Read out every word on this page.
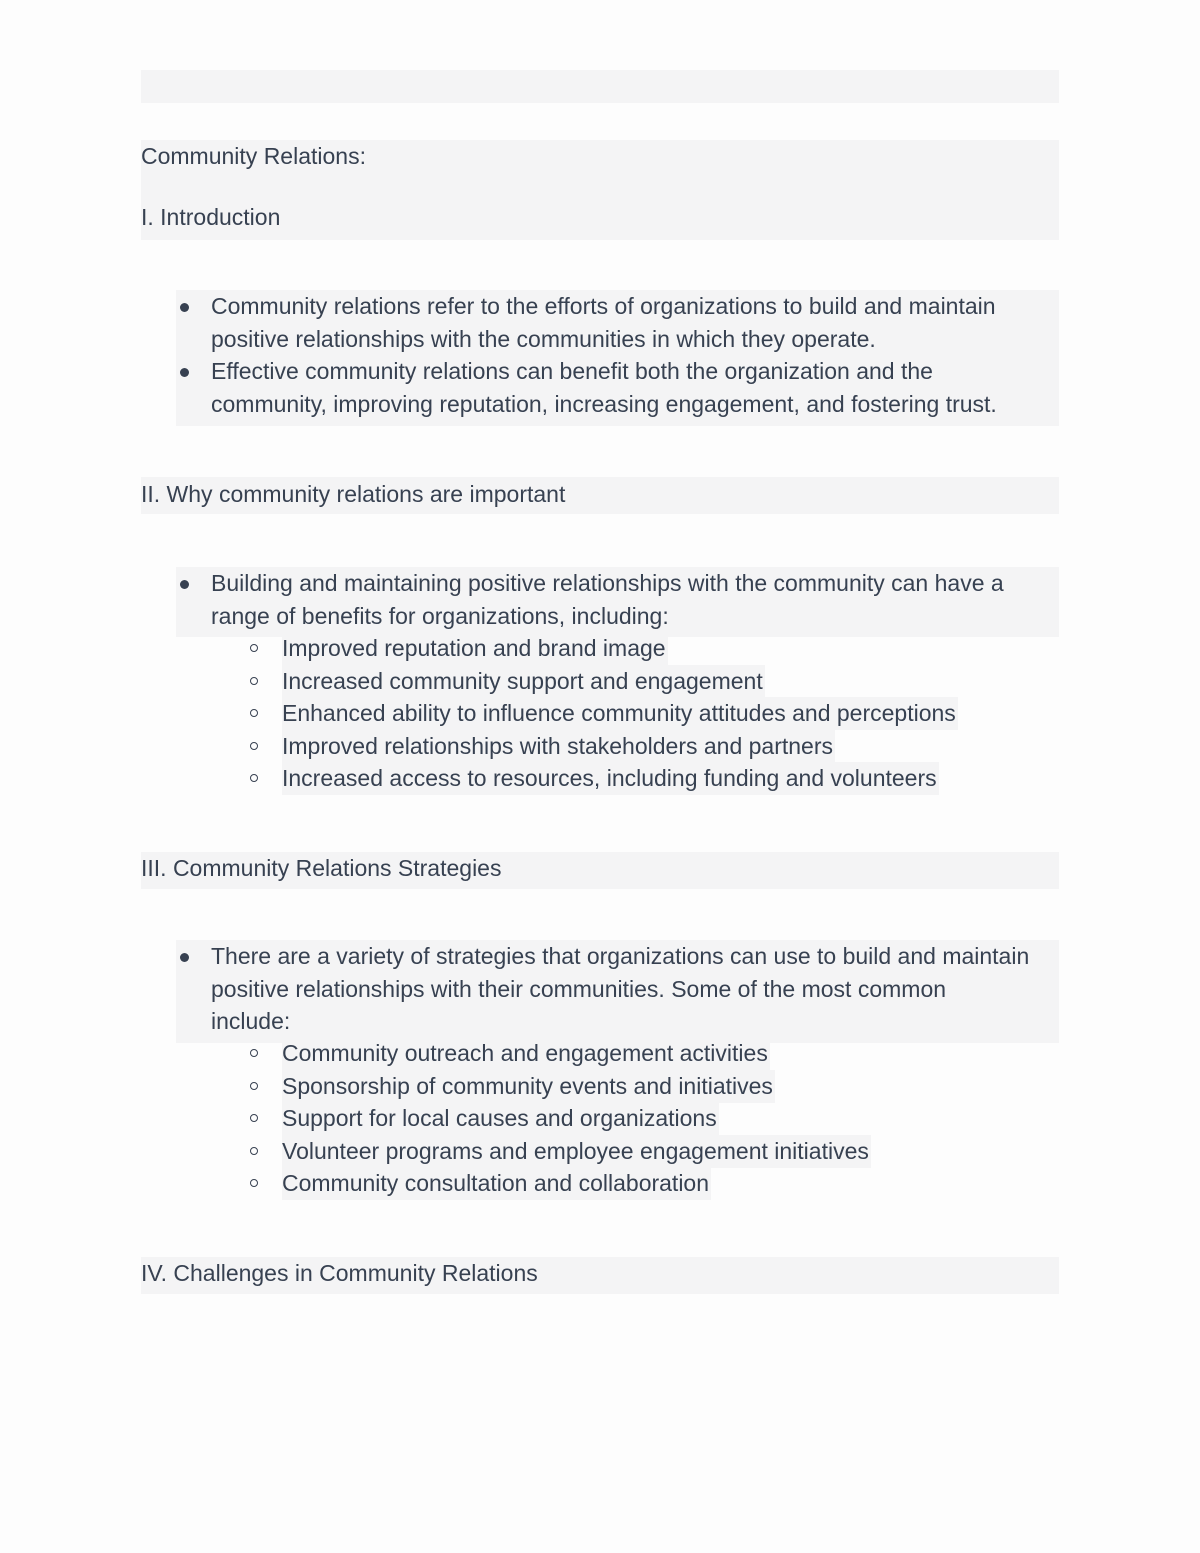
Community Relations:
I. Introduction
Community relations refer to the efforts of organizations to build and maintain
positive relationships with the communities in which they operate.
Effective community relations can benefit both the organization and the
community, improving reputation, increasing engagement, and fostering trust.
II. Why community relations are important
Building and maintaining positive relationships with the community can have a
range of benefits for organizations, including:
Improved reputation and brand image
Increased community support and engagement
Enhanced ability to influence community attitudes and perceptions
Improved relationships with stakeholders and partners
Increased access to resources, including funding and volunteers
III. Community Relations Strategies
There are a variety of strategies that organizations can use to build and maintain
positive relationships with their communities. Some of the most common
include:
Community outreach and engagement activities
Sponsorship of community events and initiatives
Support for local causes and organizations
Volunteer programs and employee engagement initiatives
Community consultation and collaboration
IV. Challenges in Community Relations
